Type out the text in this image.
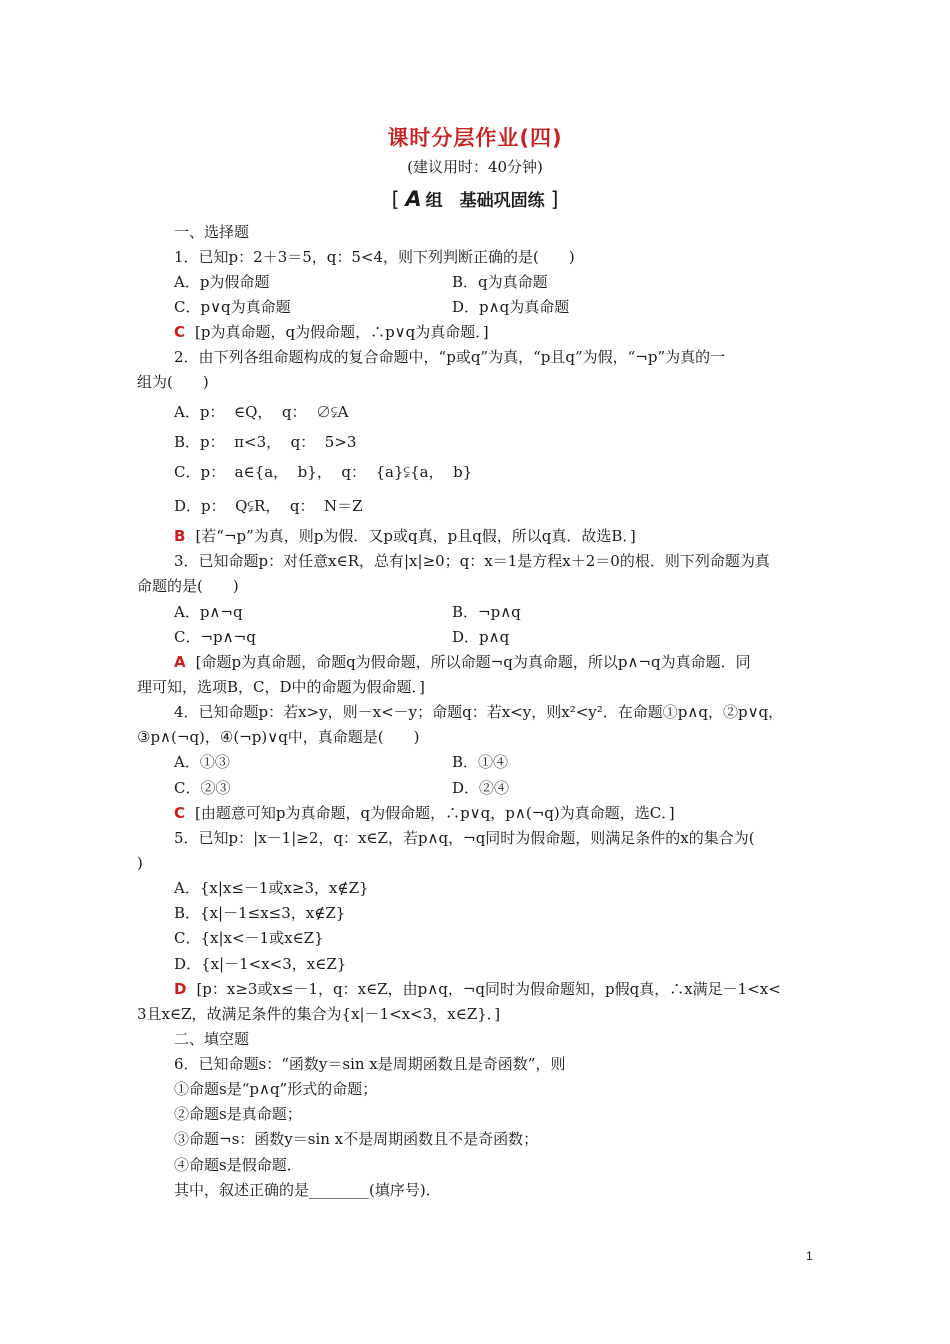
课时分层作业(四)
(建议用时：40分钟)
[ A 组　基础巩固练 ]
一、选择题
1．已知p：2＋3＝5，q：5<4，则下列判断正确的是(　　)
A．p为假命题	B．q为真命题
C．p∨q为真命题	D．p∧q为真命题
C [p为真命题，q为假命题，∴p∨q为真命题．]
2．由下列各组命题构成的复合命题中，“p或q”为真，“p且q”为假，“¬p”为真的一
组为(　　)
A．p：  ∈Q，  q：  ∅⫋A
B．p：  π<3，  q：  5>3
C．p：  a∈{a，  b}，  q：  {a}⫋{a，  b}
D．p：  Q⫋R，  q：  N＝Z
B [若“¬p”为真，则p为假．又p或q真，p且q假，所以q真．故选B．]
3．已知命题p：对任意x∈R，总有|x|≥0；q：x＝1是方程x＋2＝0的根．则下列命题为真
命题的是(　　)
A．p∧¬q	B．¬p∧q
C．¬p∧¬q	D．p∧q
A [命题p为真命题，命题q为假命题，所以命题¬q为真命题，所以p∧¬q为真命题．同
理可知，选项B，C，D中的命题为假命题．]
4．已知命题p：若x>y，则－x<－y；命题q：若x<y，则x²<y²．在命题①p∧q，②p∨q，
③p∧(¬q)，④(¬p)∨q中，真命题是(　　)
A．①③	B．①④
C．②③	D．②④
C [由题意可知p为真命题，q为假命题，∴p∨q，p∧(¬q)为真命题，选C．]
5．已知p：|x－1|≥2，q：x∈Z，若p∧q，¬q同时为假命题，则满足条件的x的集合为(
)
A．{x|x≤－1或x≥3，x∉Z}
B．{x|－1≤x≤3，x∉Z}
C．{x|x<－1或x∈Z}
D．{x|－1<x<3，x∈Z}
D [p：x≥3或x≤－1，q：x∈Z，由p∧q，¬q同时为假命题知，p假q真，∴x满足－1<x<
3且x∈Z，故满足条件的集合为{x|－1<x<3，x∈Z}．]
二、填空题
6．已知命题s：“函数y＝sin x是周期函数且是奇函数”，则
①命题s是“p∧q”形式的命题；
②命题s是真命题；
③命题¬s：函数y＝sin x不是周期函数且不是奇函数；
④命题s是假命题．
其中，叙述正确的是________(填序号)．
1
